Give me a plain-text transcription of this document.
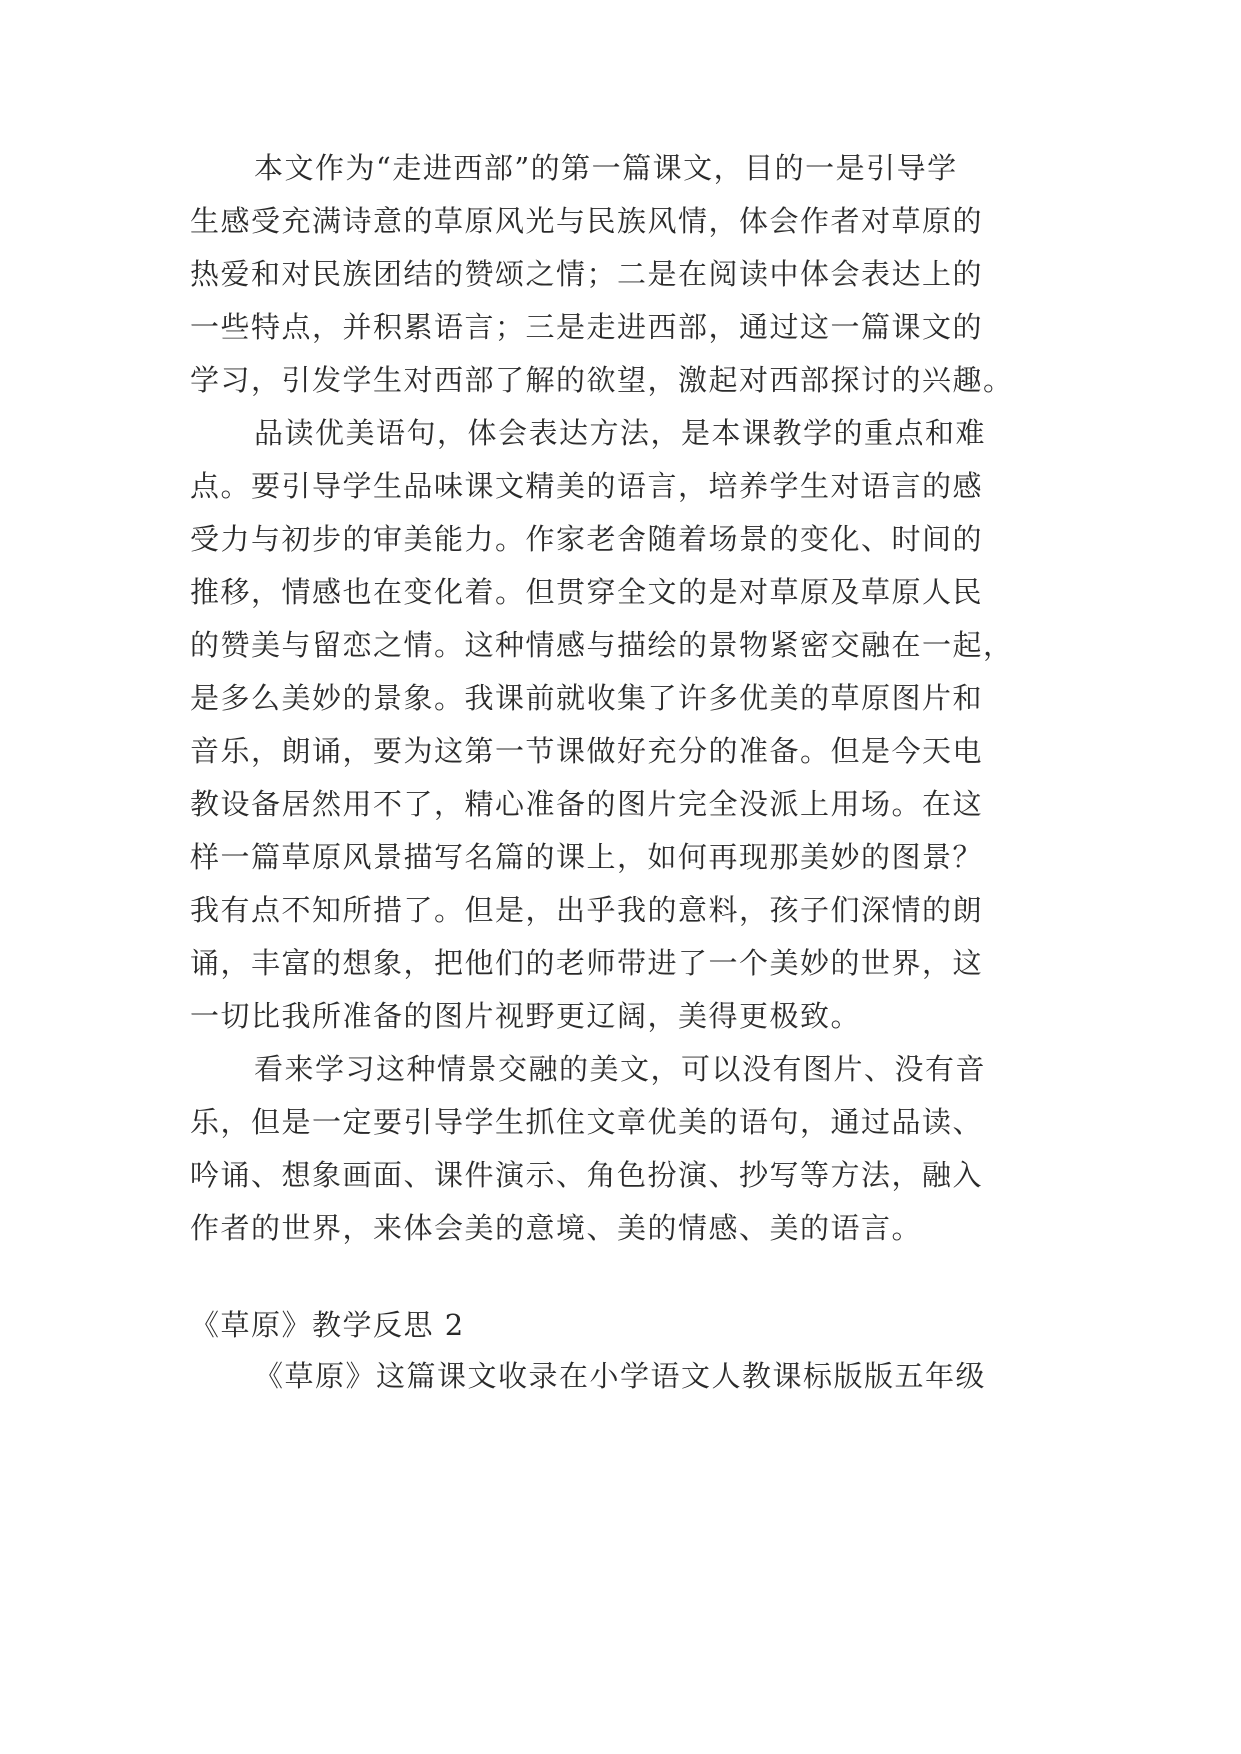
本文作为“走进西部”的第一篇课文，目的一是引导学
生感受充满诗意的草原风光与民族风情，体会作者对草原的
热爱和对民族团结的赞颂之情；二是在阅读中体会表达上的
一些特点，并积累语言；三是走进西部，通过这一篇课文的
学习，引发学生对西部了解的欲望，激起对西部探讨的兴趣。
品读优美语句，体会表达方法，是本课教学的重点和难
点。要引导学生品味课文精美的语言，培养学生对语言的感
受力与初步的审美能力。作家老舍随着场景的变化、时间的
推移，情感也在变化着。但贯穿全文的是对草原及草原人民
的赞美与留恋之情。这种情感与描绘的景物紧密交融在一起，
是多么美妙的景象。我课前就收集了许多优美的草原图片和
音乐，朗诵，要为这第一节课做好充分的准备。但是今天电
教设备居然用不了，精心准备的图片完全没派上用场。在这
样一篇草原风景描写名篇的课上，如何再现那美妙的图景？
我有点不知所措了。但是，出乎我的意料，孩子们深情的朗
诵，丰富的想象，把他们的老师带进了一个美妙的世界，这
一切比我所准备的图片视野更辽阔，美得更极致。
看来学习这种情景交融的美文，可以没有图片、没有音
乐，但是一定要引导学生抓住文章优美的语句，通过品读、
吟诵、想象画面、课件演示、角色扮演、抄写等方法，融入
作者的世界，来体会美的意境、美的情感、美的语言。
《草原》教学反思 2
《草原》这篇课文收录在小学语文人教课标版版五年级
